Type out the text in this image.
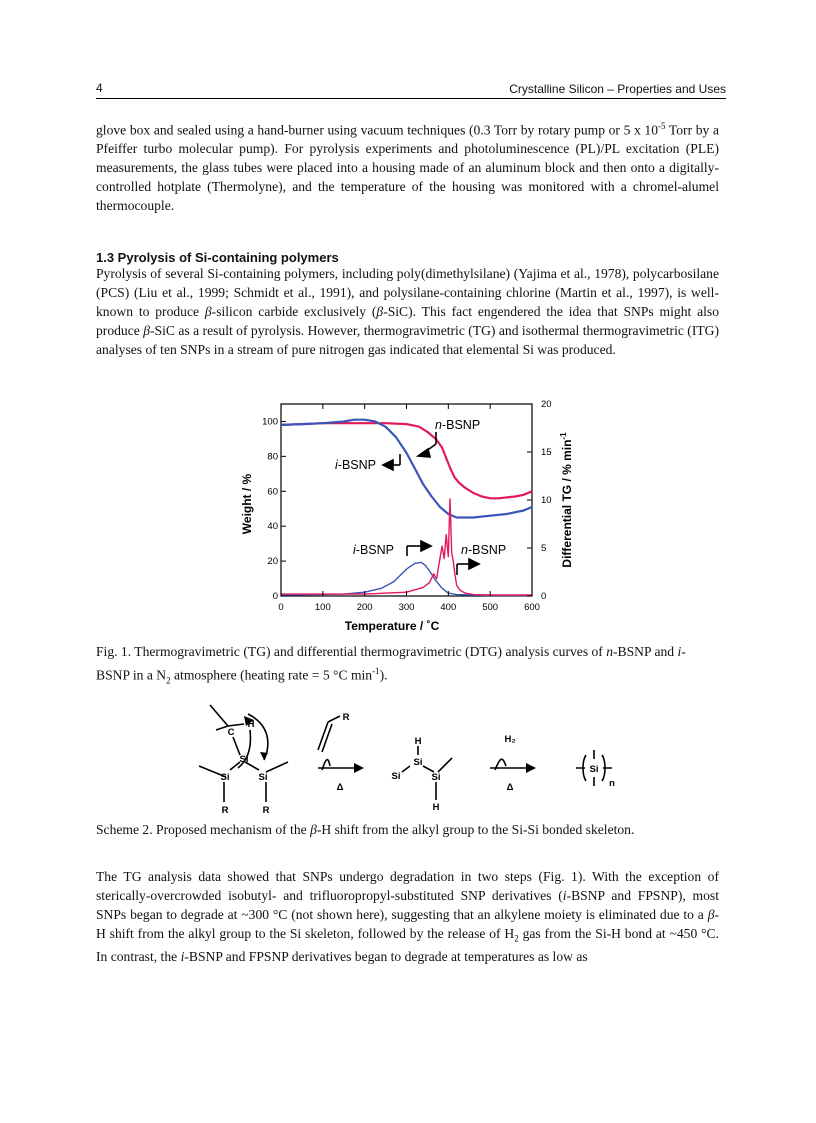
4	Crystalline Silicon – Properties and Uses

glove box and sealed using a hand-burner using vacuum techniques (0.3 Torr by rotary pump or 5 x $10^{-5}$ Torr by a Pfeiffer turbo molecular pump). For pyrolysis experiments and photoluminescence (PL)/PL excitation (PLE) measurements, the glass tubes were placed into a housing made of an aluminum block and then onto a digitally-controlled hotplate (Thermolyne), and the temperature of the housing was monitored with a chromel-alumel thermocouple.

1.3 Pyrolysis of Si-containing polymers

Pyrolysis of several Si-containing polymers, including poly(dimethylsilane) (Yajima et al., 1978), polycarbosilane (PCS) (Liu et al., 1999; Schmidt et al., 1991), and polysilane-containing chlorine (Martin et al., 1997), is well-known to produce β-silicon carbide exclusively (β-SiC). This fact engendered the idea that SNPs might also produce β-SiC as a result of pyrolysis. However, thermogravimetric (TG) and isothermal thermogravimetric (ITG) analyses of ten SNPs in a stream of pure nitrogen gas indicated that elemental Si was produced.

0	100	200	300	400	500	600
0
20
40
60
80
100
0
5
10
15
20
Temperature / ˚C
Weight / %	Differential TG / % $\min^{-1}$
n-BSNP
i-BSNP
i-BSNP	n-BSNP

Fig. 1. Thermogravimetric (TG) and differential thermogravimetric (DTG) analysis curves of n-BSNP and i-BSNP in a $N_2$ atmosphere (heating rate = 5 °C $\min^{-1}$).

H
C
Si
Si	Si
R	R
R
Δ
H
Si
Si	Si
H
H₂
Δ
Si
n

Scheme 2. Proposed mechanism of the β-H shift from the alkyl group to the Si-Si bonded skeleton.

The TG analysis data showed that SNPs undergo degradation in two steps (Fig. 1). With the exception of sterically-overcrowded isobutyl- and trifluoropropyl-substituted SNP derivatives (i-BSNP and FPSNP), most SNPs began to degrade at ~300 °C (not shown here), suggesting that an alkylene moiety is eliminated due to a β-H shift from the alkyl group to the Si skeleton, followed by the release of $H_2$ gas from the Si-H bond at ~450 °C. In contrast, the i-BSNP and FPSNP derivatives began to degrade at temperatures as low as
